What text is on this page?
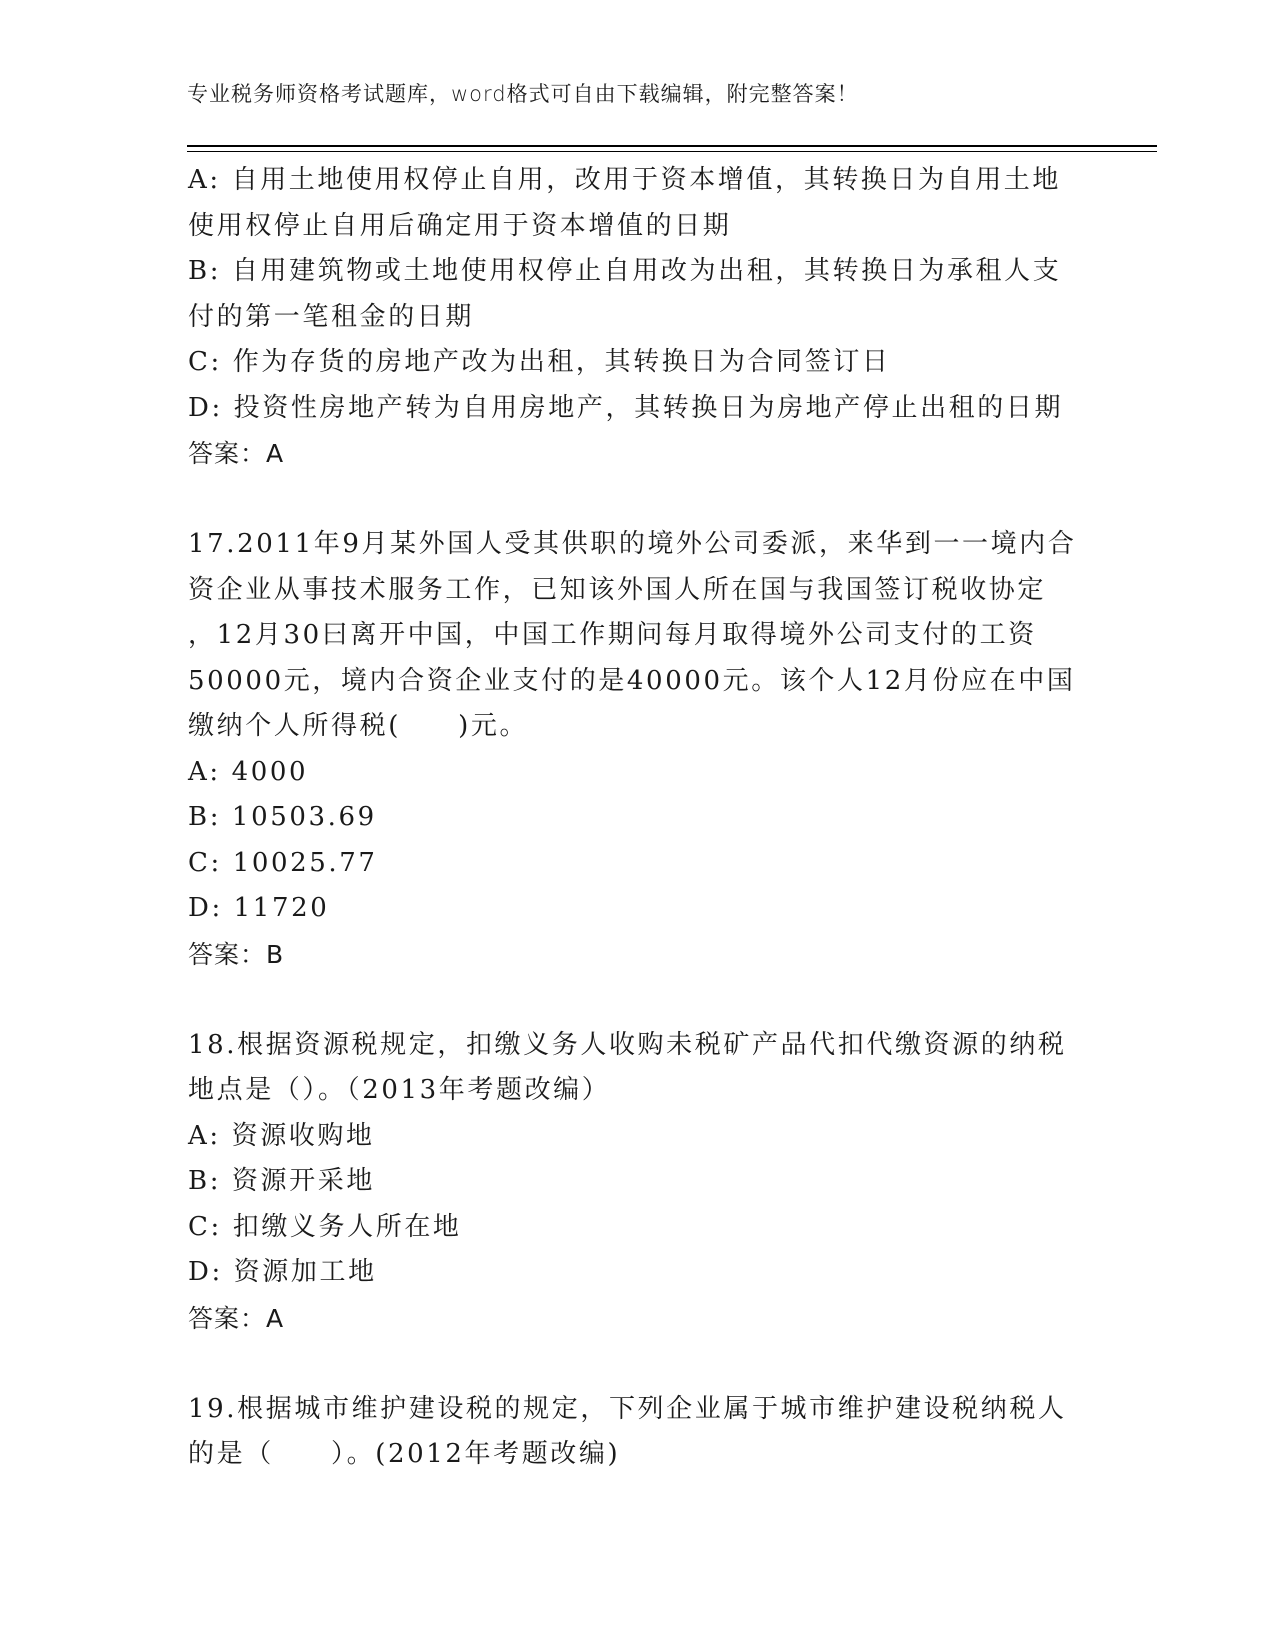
专业税务师资格考试题库，word格式可自由下载编辑，附完整答案！
A: 自用土地使用权停止自用，改用于资本增值，其转换日为自用土地
使用权停止自用后确定用于资本增值的日期
B: 自用建筑物或土地使用权停止自用改为出租，其转换日为承租人支
付的第一笔租金的日期
C: 作为存货的房地产改为出租，其转换日为合同签订日
D: 投资性房地产转为自用房地产，其转换日为房地产停止出租的日期
答案：A
17.2011年9月某外国人受其供职的境外公司委派，来华到一一境内合
资企业从事技术服务工作，已知该外国人所在国与我国签订税收协定
，12月30曰离开中国，中国工作期问每月取得境外公司支付的工资
50000元，境内合资企业支付的是40000元。该个人12月份应在中国
缴纳个人所得税(　　)元。
A: 4000
B: 10503.69
C: 10025.77
D: 11720
答案：B
18.根据资源税规定，扣缴义务人收购未税矿产品代扣代缴资源的纳税
地点是（）。（2013年考题改编）
A: 资源收购地
B: 资源开采地
C: 扣缴义务人所在地
D: 资源加工地
答案：A
19.根据城市维护建设税的规定，下列企业属于城市维护建设税纳税人
的是（　　）。(2012年考题改编)
